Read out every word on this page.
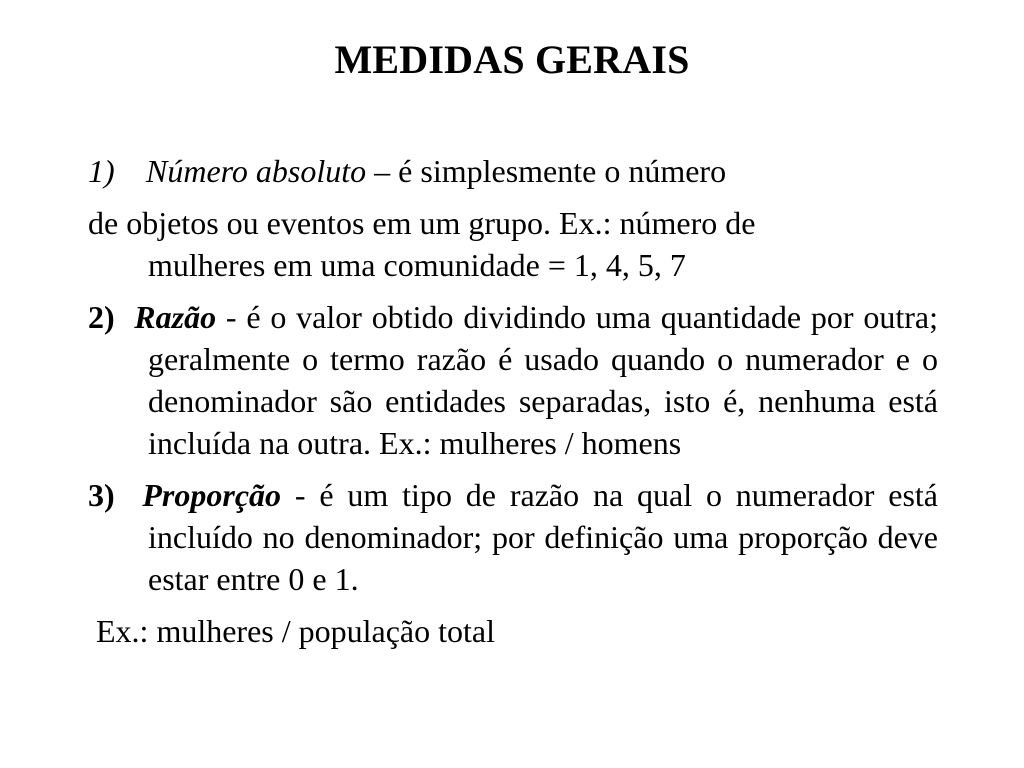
MEDIDAS GERAIS
1) Número absoluto – é simplesmente o número
de objetos ou eventos em um grupo. Ex.: número de
mulheres em uma comunidade = 1, 4, 5, 7
2) Razão - é o valor obtido dividindo uma quantidade por outra; geralmente o termo razão é usado quando o numerador e o denominador são entidades separadas, isto é, nenhuma está incluída na outra. Ex.: mulheres / homens
3) Proporção - é um tipo de razão na qual o numerador está incluído no denominador; por definição uma proporção deve estar entre 0 e 1.
Ex.: mulheres / população total
